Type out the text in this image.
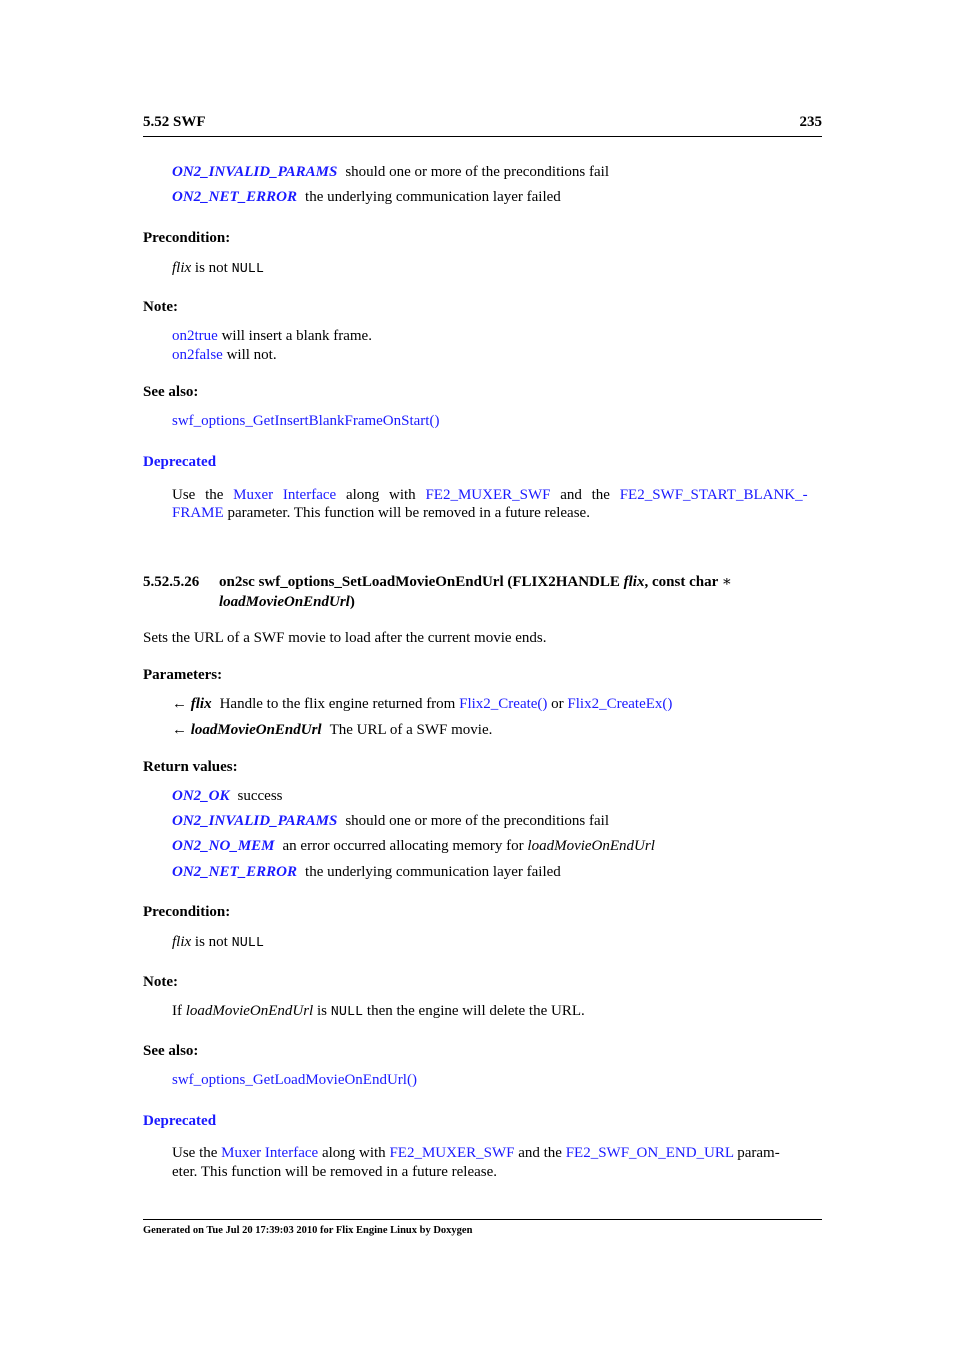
5.52 SWF	235
ON2_INVALID_PARAMS should one or more of the preconditions fail
ON2_NET_ERROR the underlying communication layer failed
Precondition:
flix is not NULL
Note:
on2true will insert a blank frame.
on2false will not.
See also:
swf_options_GetInsertBlankFrameOnStart()
Deprecated
Use the Muxer Interface along with FE2_MUXER_SWF and the FE2_SWF_START_BLANK_-
FRAME parameter. This function will be removed in a future release.
5.52.5.26 on2sc swf_options_SetLoadMovieOnEndUrl (FLIX2HANDLE flix, const char ∗
loadMovieOnEndUrl)
Sets the URL of a SWF movie to load after the current movie ends.
Parameters:
← flix Handle to the flix engine returned from Flix2_Create() or Flix2_CreateEx()
← loadMovieOnEndUrl The URL of a SWF movie.
Return values:
ON2_OK success
ON2_INVALID_PARAMS should one or more of the preconditions fail
ON2_NO_MEM an error occurred allocating memory for loadMovieOnEndUrl
ON2_NET_ERROR the underlying communication layer failed
Precondition:
flix is not NULL
Note:
If loadMovieOnEndUrl is NULL then the engine will delete the URL.
See also:
swf_options_GetLoadMovieOnEndUrl()
Deprecated
Use the Muxer Interface along with FE2_MUXER_SWF and the FE2_SWF_ON_END_URL param-
eter. This function will be removed in a future release.
Generated on Tue Jul 20 17:39:03 2010 for Flix Engine Linux by Doxygen
